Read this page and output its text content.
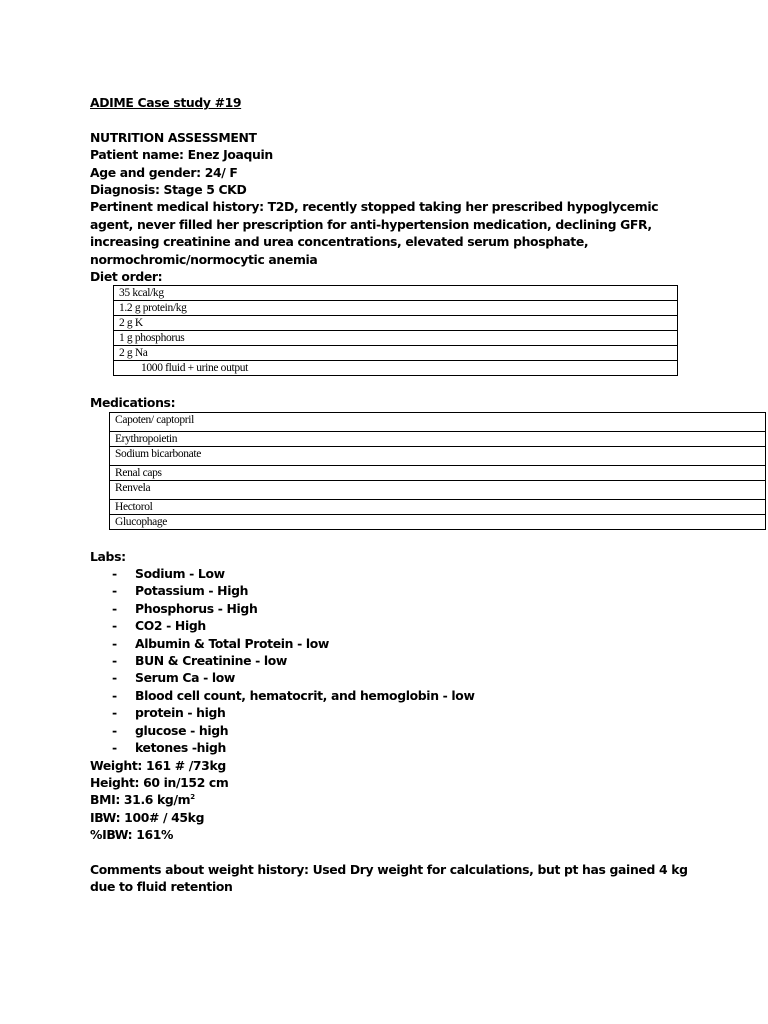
ADIME Case study #19
NUTRITION ASSESSMENT
Patient name: Enez Joaquin
Age and gender: 24/ F
Diagnosis: Stage 5 CKD

Pertinent medical history: T2D, recently stopped taking her prescribed hypoglycemic agent, never filled her prescription for anti-hypertension medication, declining GFR, increasing creatinine and urea concentrations, elevated serum phosphate, normochromic/normocytic anemia

Diet order:
35 kcal/kg
1.2 g protein/kg
2 g K
1 g phosphorus
2 g Na
1000 fluid + urine output
Medications:
Capoten/ captopril
Erythropoietin
Sodium bicarbonate
Renal caps
Renvela
Hectorol
Glucophage
Labs:
- Sodium - Low
- Potassium - High
- Phosphorus - High
- CO2 - High
- Albumin & Total Protein - low
- BUN & Creatinine - low
- Serum Ca - low
- Blood cell count, hematocrit, and hemoglobin - low
- protein - high
- glucose - high
- ketones -high
Weight: 161 # /73kg
Height: 60 in/152 cm
BMI: 31.6 $kg/m^2$
IBW: 100# / 45kg
%IBW: 161%

Comments about weight history: Used Dry weight for calculations, but pt has gained 4 kg due to fluid retention
